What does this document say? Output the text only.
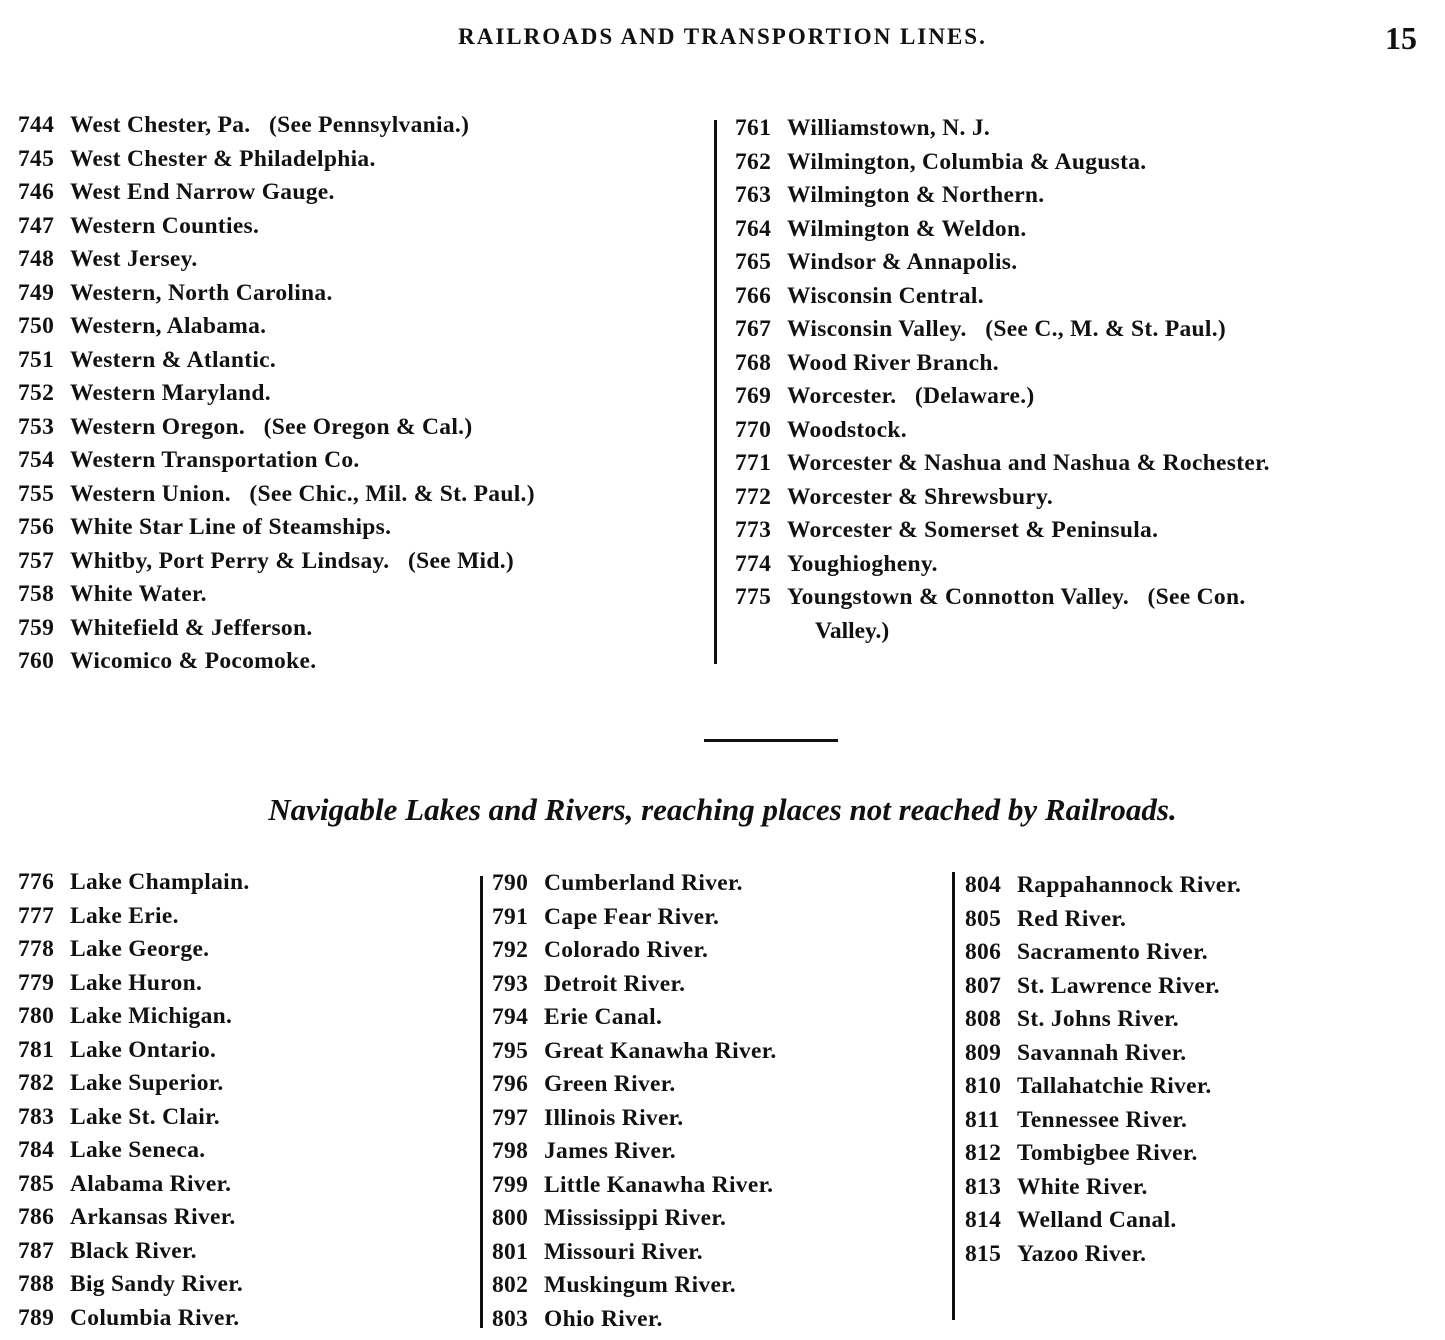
RAILROADS AND TRANSPORTION LINES.	15
744 West Chester, Pa.   (See Pennsylvania.)
745 West Chester & Philadelphia.
746 West End Narrow Gauge.
747 Western Counties.
748 West Jersey.
749 Western, North Carolina.
750 Western, Alabama.
751 Western & Atlantic.
752 Western Maryland.
753 Western Oregon.   (See Oregon & Cal.)
754 Western Transportation Co.
755 Western Union.   (See Chic., Mil. & St. Paul.)
756 White Star Line of Steamships.
757 Whitby, Port Perry & Lindsay.   (See Mid.)
758 White Water.
759 Whitefield & Jefferson.
760 Wicomico & Pocomoke.
761 Williamstown, N. J.
762 Wilmington, Columbia & Augusta.
763 Wilmington & Northern.
764 Wilmington & Weldon.
765 Windsor & Annapolis.
766 Wisconsin Central.
767 Wisconsin Valley.   (See C., M. & St. Paul.)
768 Wood River Branch.
769 Worcester.   (Delaware.)
770 Woodstock.
771 Worcester & Nashua and Nashua & Rochester.
772 Worcester & Shrewsbury.
773 Worcester & Somerset & Peninsula.
774 Youghiogheny.
775 Youngstown & Connotton Valley.   (See Con.
Valley.)
Navigable Lakes and Rivers, reaching places not reached by Railroads.
776 Lake Champlain.
777 Lake Erie.
778 Lake George.
779 Lake Huron.
780 Lake Michigan.
781 Lake Ontario.
782 Lake Superior.
783 Lake St. Clair.
784 Lake Seneca.
785 Alabama River.
786 Arkansas River.
787 Black River.
788 Big Sandy River.
789 Columbia River.
790 Cumberland River.
791 Cape Fear River.
792 Colorado River.
793 Detroit River.
794 Erie Canal.
795 Great Kanawha River.
796 Green River.
797 Illinois River.
798 James River.
799 Little Kanawha River.
800 Mississippi River.
801 Missouri River.
802 Muskingum River.
803 Ohio River.
804 Rappahannock River.
805 Red River.
806 Sacramento River.
807 St. Lawrence River.
808 St. Johns River.
809 Savannah River.
810 Tallahatchie River.
811 Tennessee River.
812 Tombigbee River.
813 White River.
814 Welland Canal.
815 Yazoo River.
